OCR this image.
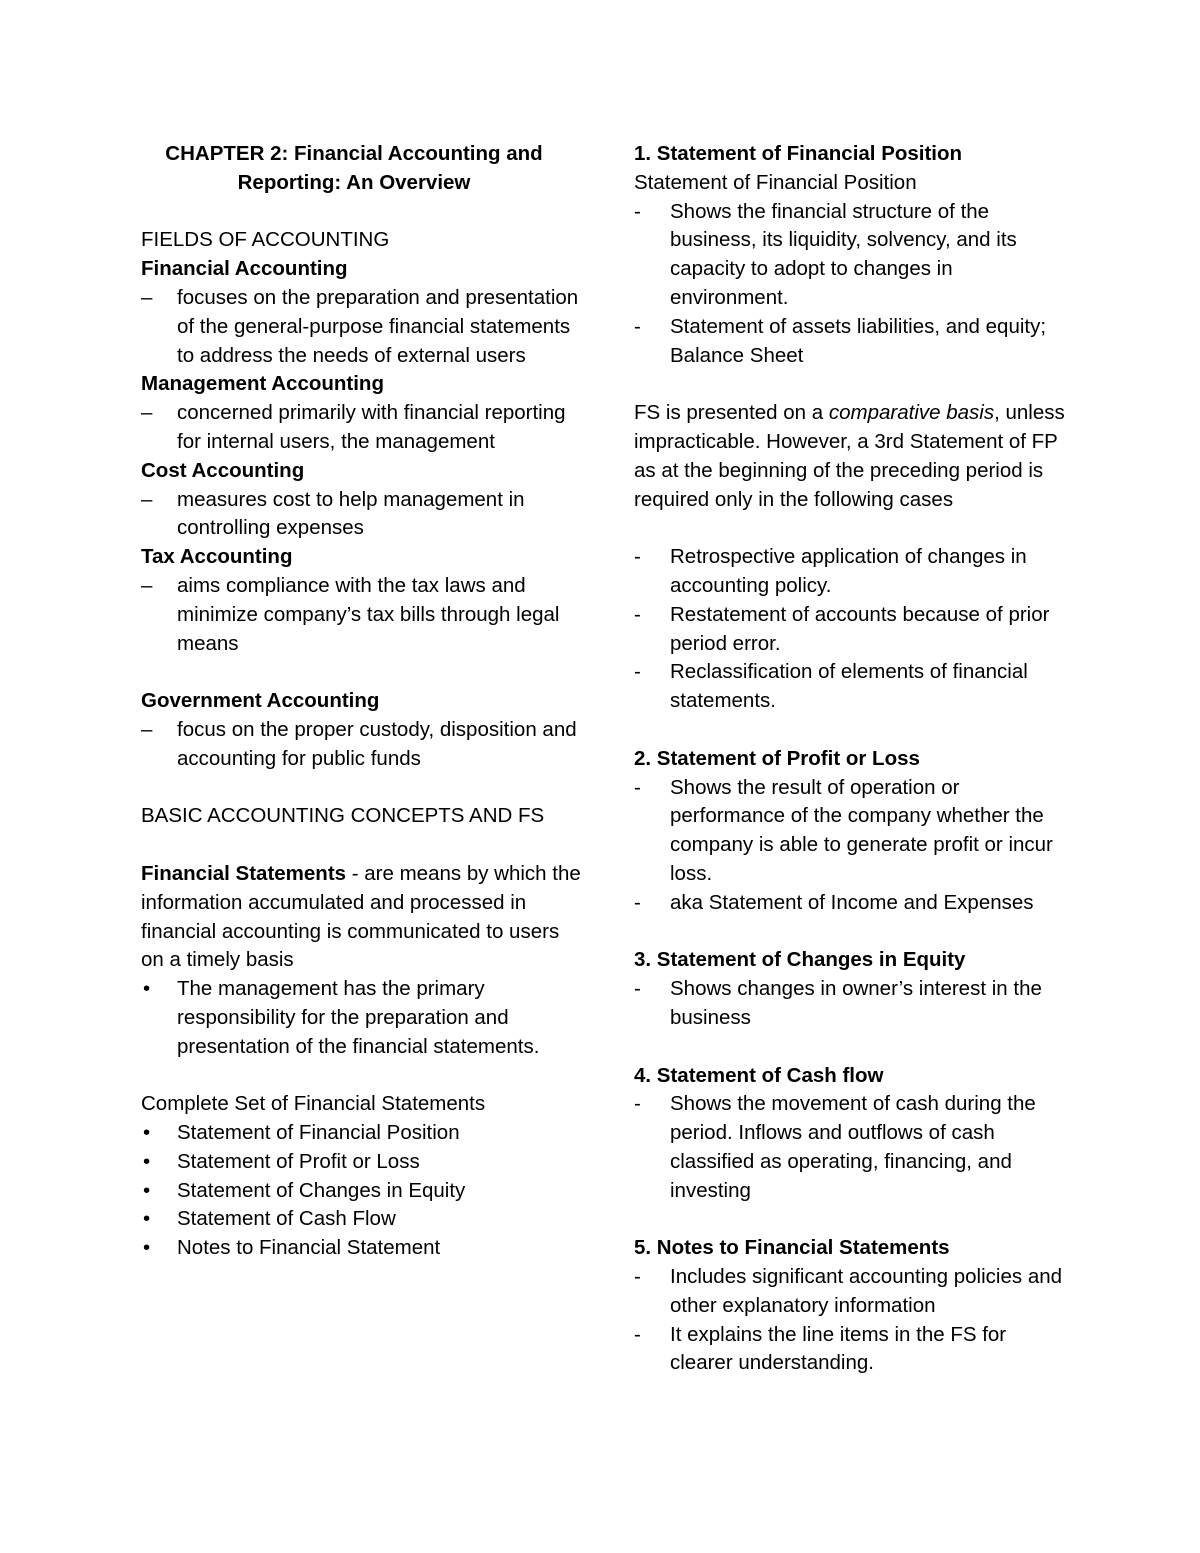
CHAPTER 2: Financial Accounting and Reporting: An Overview
FIELDS OF ACCOUNTING
Financial Accounting
–	focuses on the preparation and presentation of the general-purpose financial statements to address the needs of external users
Management Accounting
–	concerned primarily with financial reporting for internal users, the management
Cost Accounting
–	measures cost to help management in controlling expenses
Tax Accounting
–	aims compliance with the tax laws and minimize company’s tax bills through legal means
Government Accounting
–	focus on the proper custody, disposition and accounting for public funds
BASIC ACCOUNTING CONCEPTS AND FS
Financial Statements - are means by which the information accumulated and processed in financial accounting is communicated to users on a timely basis
•	The management has the primary responsibility for the preparation and presentation of the financial statements.
Complete Set of Financial Statements
•	Statement of Financial Position
•	Statement of Profit or Loss
•	Statement of Changes in Equity
•	Statement of Cash Flow
•	Notes to Financial Statement
1. Statement of Financial Position
Statement of Financial Position
-	Shows the financial structure of the business, its liquidity, solvency, and its capacity to adopt to changes in environment.
-	Statement of assets liabilities, and equity; Balance Sheet
FS is presented on a comparative basis, unless impracticable. However, a 3rd Statement of FP as at the beginning of the preceding period is required only in the following cases
-	Retrospective application of changes in accounting policy.
-	Restatement of accounts because of prior period error.
-	Reclassification of elements of financial statements.
2. Statement of Profit or Loss
-	Shows the result of operation or performance of the company whether the company is able to generate profit or incur loss.
-	aka Statement of Income and Expenses
3. Statement of Changes in Equity
-	Shows changes in owner’s interest in the business
4. Statement of Cash flow
-	Shows the movement of cash during the period. Inflows and outflows of cash classified as operating, financing, and investing
5. Notes to Financial Statements
-	Includes significant accounting policies and other explanatory information
-	It explains the line items in the FS for clearer understanding.
